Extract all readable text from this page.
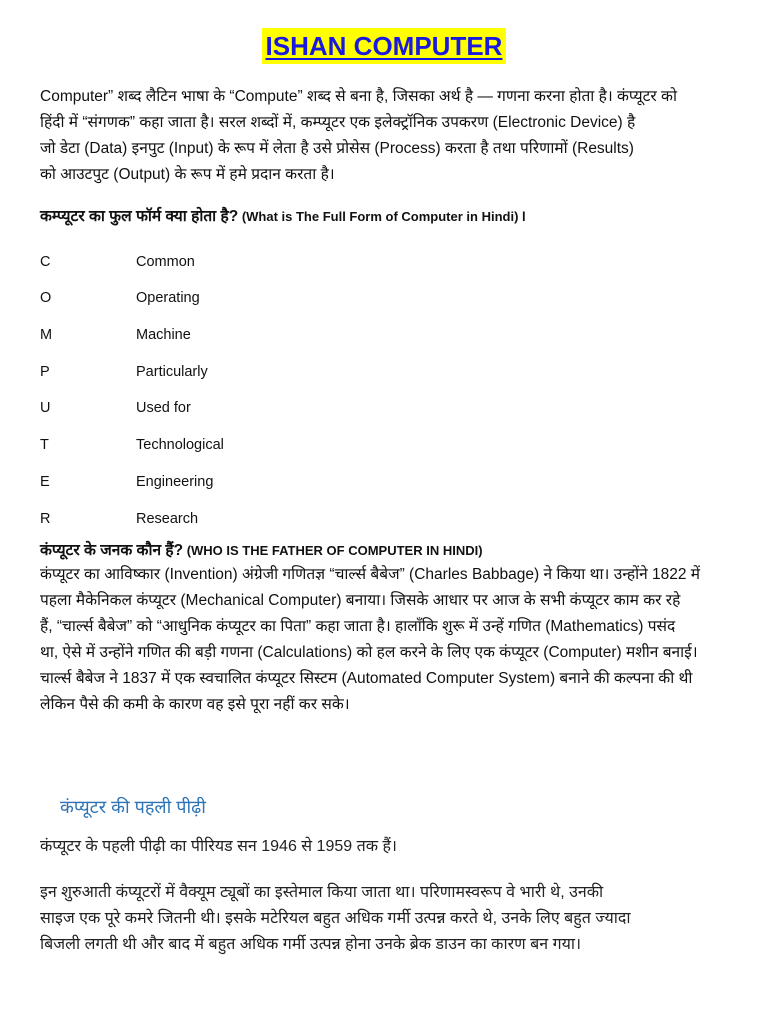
ISHAN COMPUTER

Computer” शब्द लैटिन भाषा के “Compute” शब्द से बना है, जिसका अर्थ है — गणना करना होता है। कंप्यूटर को
हिंदी में “संगणक” कहा जाता है। सरल शब्दों में, कम्प्यूटर एक इलेक्ट्रॉनिक उपकरण (Electronic Device) है
जो डेटा (Data) इनपुट (Input) के रूप में लेता है उसे प्रोसेस (Process) करता है तथा परिणामों (Results)
को आउटपुट (Output) के रूप में हमे प्रदान करता है।

कम्प्यूटर का फुल फॉर्म क्या होता है? (What is The Full Form of Computer in Hindi) l
C	Common
O	Operating
M	Machine
P	Particularly
U	Used for
T	Technological
E	Engineering
R	Research
कंप्यूटर के जनक कौन हैं? (WHO IS THE FATHER OF COMPUTER IN HINDI)

कंप्यूटर का आविष्कार (Invention) अंग्रेजी गणितज्ञ “चार्ल्स बैबेज” (Charles Babbage) ने किया था। उन्होंने 1822 में
पहला मैकेनिकल कंप्यूटर (Mechanical Computer) बनाया। जिसके आधार पर आज के सभी कंप्यूटर काम कर रहे
हैं, “चार्ल्स बैबेज” को “आधुनिक कंप्यूटर का पिता” कहा जाता है। हालाँकि शुरू में उन्हें गणित (Mathematics) पसंद
था, ऐसे में उन्होंने गणित की बड़ी गणना (Calculations) को हल करने के लिए एक कंप्यूटर (Computer) मशीन बनाई।
चार्ल्स बैबेज ने 1837 में एक स्वचालित कंप्यूटर सिस्टम (Automated Computer System) बनाने की कल्पना की थी
लेकिन पैसे की कमी के कारण वह इसे पूरा नहीं कर सके।

कंप्यूटर की पहली पीढ़ी

कंप्यूटर के पहली पीढ़ी का पीरियड सन 1946 से 1959 तक हैं।

इन शुरुआती कंप्यूटरों में वैक्यूम ट्यूबों का इस्तेमाल किया जाता था। परिणामस्वरूप वे भारी थे, उनकी
साइज एक पूरे कमरे जितनी थी। इसके मटेरियल बहुत अधिक गर्मी उत्पन्न करते थे, उनके लिए बहुत ज्यादा
बिजली लगती थी और बाद में बहुत अधिक गर्मी उत्पन्न होना उनके ब्रेक डाउन का कारण बन गया।
